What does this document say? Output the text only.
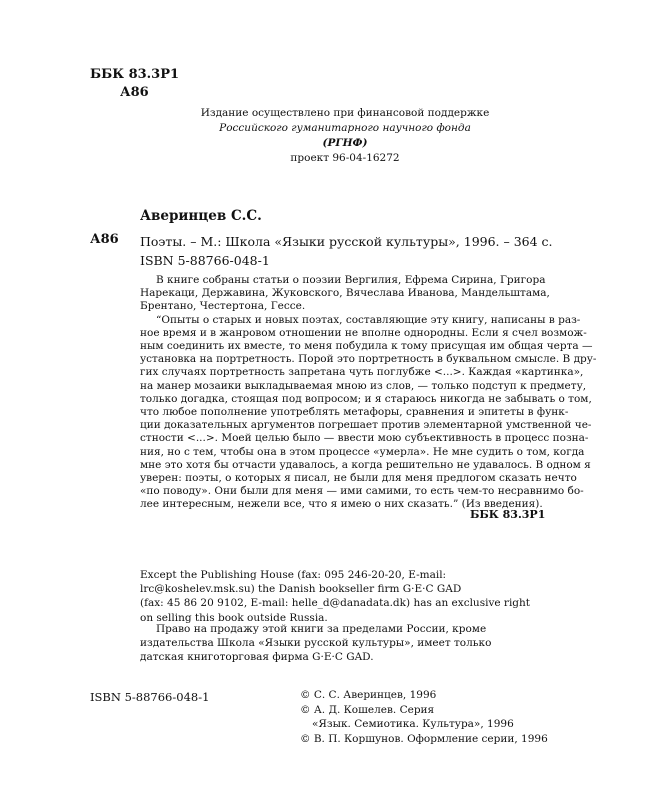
ББК 83.3Р1
А86
Издание осуществлено при финансовой поддержке
Российского гуманитарного научного фонда
(РГНФ)
проект 96-04-16272
Аверинцев С.С.
А86 Поэты. – М.: Школа «Языки русской культуры», 1996. – 364 с.
ISBN 5-88766-048-1
В книге собраны статьи о поэзии Вергилия, Ефрема Сирина, Григора
Нарекаци, Державина, Жуковского, Вячеслава Иванова, Мандельштама,
Брентано, Честертона, Гессе.
“Опыты о старых и новых поэтах, составляющие эту книгу, написаны в раз-
ное время и в жанровом отношении не вполне однородны. Если я счел возмож-
ным соединить их вместе, то меня побудила к тому присущая им общая черта —
установка на портретность. Порой это портретность в буквальном смысле. В дру-
гих случаях портретность запретана чуть поглубже <...>. Каждая «картинка»,
на манер мозаики выкладываемая мною из слов, — только подступ к предмету,
только догадка, стоящая под вопросом; и я стараюсь никогда не забывать о том,
что любое пополнение употреблять метафоры, сравнения и эпитеты в функ-
ции доказательных аргументов погрешает против элементарной умственной че-
стности <...>. Моей целью было — ввести мою субъективность в процесс позна-
ния, но с тем, чтобы она в этом процессе «умерла». Не мне судить о том, когда
мне это хотя бы отчасти удавалось, а когда решительно не удавалось. В одном я
уверен: поэты, о которых я писал, не были для меня предлогом сказать нечто
«по поводу». Они были для меня — ими самими, то есть чем-то несравнимо бо-
лее интересным, нежели все, что я имею о них сказать.” (Из введения).
ББК 83.3Р1
Except the Publishing House (fax: 095 246-20-20, E-mail:
lrc@koshelev.msk.su) the Danish bookseller firm G·E·C GAD
(fax: 45 86 20 9102, E-mail: helle_d@danadata.dk) has an exclusive right
on selling this book outside Russia.
Право на продажу этой книги за пределами России, кроме
издательства Школа «Языки русской культуры», имеет только
датская книготорговая фирма G·E·C GAD.
ISBN 5-88766-048-1	© С. С. Аверинцев, 1996
© А. Д. Кошелев. Серия
«Язык. Семиотика. Культура», 1996
© В. П. Коршунов. Оформление серии, 1996
